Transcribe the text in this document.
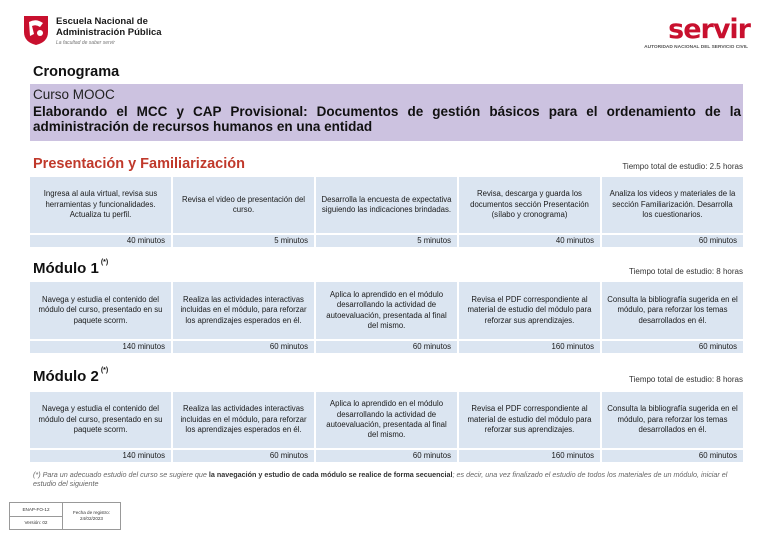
Escuela Nacional de
Administración Pública
La facultad de saber servir	servir
AUTORIDAD NACIONAL DEL SERVICIO CIVIL
Cronograma
Curso MOOC
Elaborando el MCC y CAP Provisional: Documentos de gestión básicos para el ordenamiento de la administración de recursos humanos en una entidad
Presentación y Familiarización	Tiempo total de estudio: 2.5 horas
Ingresa al aula virtual, revisa sus herramientas y funcionalidades. Actualiza tu perfil.
40 minutos
Revisa el video de presentación del curso.
5 minutos
Desarrolla la encuesta de expectativa siguiendo las indicaciones brindadas.
5 minutos
Revisa, descarga y guarda los documentos sección Presentación (sílabo y cronograma)
40 minutos
Analiza los videos y materiales de la sección Familiarización. Desarrolla los cuestionarios.
60 minutos
Módulo 1 (*)
Tiempo total de estudio: 8 horas
Navega y estudia el contenido del módulo del curso, presentado en su paquete scorm.
140 minutos
Realiza las actividades interactivas incluidas en el módulo, para reforzar los aprendizajes esperados en él.
60 minutos
Aplica lo aprendido en el módulo desarrollando la actividad de autoevaluación, presentada al final del mismo.
60 minutos
Revisa el PDF correspondiente al material de estudio del módulo para reforzar sus aprendizajes.
160 minutos
Consulta la bibliografía sugerida en el módulo, para reforzar los temas desarrollados en él.
60 minutos
Módulo 2 (*)
Tiempo total de estudio: 8 horas
Navega y estudia el contenido del módulo del curso, presentado en su paquete scorm.
140 minutos
Realiza las actividades interactivas incluidas en el módulo, para reforzar los aprendizajes esperados en él.
60 minutos
Aplica lo aprendido en el módulo desarrollando la actividad de autoevaluación, presentada al final del mismo.
60 minutos
Revisa el PDF correspondiente al material de estudio del módulo para reforzar sus aprendizajes.
160 minutos
Consulta la bibliografía sugerida en el módulo, para reforzar los temas desarrollados en él.
60 minutos
(*) Para un adecuado estudio del curso se sugiere que la navegación y estudio de cada módulo se realice de forma secuencial; es decir, una vez finalizado el estudio de todos los materiales de un módulo, iniciar el estudio del siguiente
ENAP-FO-12
Versión: 02
Fecha de registro:
24/02/2023
